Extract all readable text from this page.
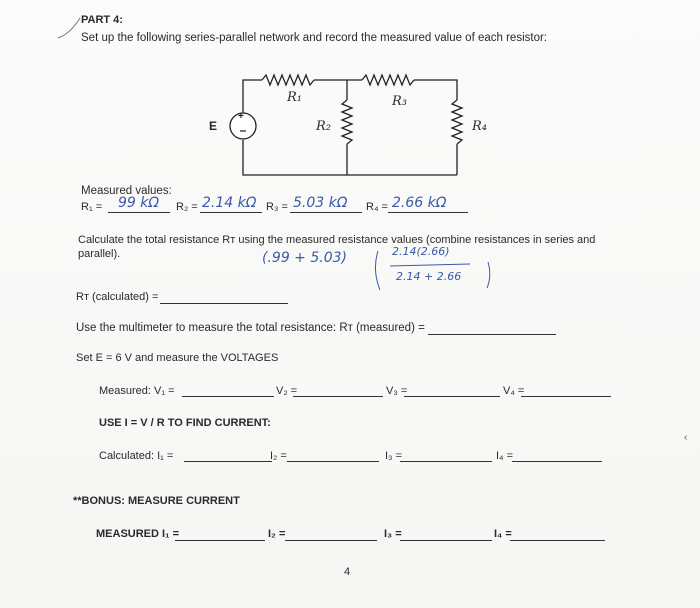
PART 4:
Set up the following series-parallel network and record the measured value of each resistor:
+
E
R₁	R₃
R₂	R₄
Measured values:
R₁ = 99 kΩ R₂ = 2.14 kΩ R₃ = 5.03 kΩ R₄ = 2.66 kΩ
Calculate the total resistance Rᴛ using the measured resistance values (combine resistances in series and
parallel).	(.99 + 5.03)	2.14(2.66)
2.14 + 2.66
Rᴛ (calculated) =
Use the multimeter to measure the total resistance: Rᴛ (measured) =
Set E = 6 V and measure the VOLTAGES
Measured: V₁ =	V₂ =	V₃ =	V₄ =
USE I = V / R TO FIND CURRENT:
Calculated: I₁ =	I₂ =	I₃ =	I₄ =
**BONUS: MEASURE CURRENT
MEASURED I₁ =	I₂ =	I₃ =	I₄ =
4
‹
